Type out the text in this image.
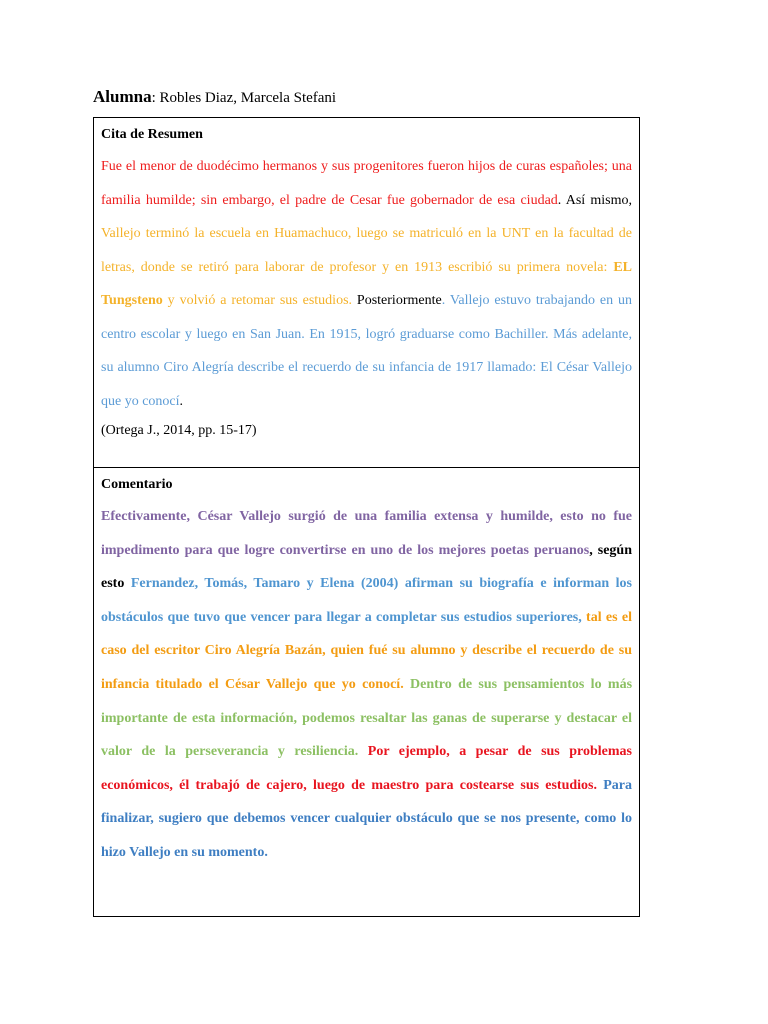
Alumna: Robles Diaz, Marcela Stefani

Cita de Resumen

Fue el menor de duodécimo hermanos y sus progenitores fueron hijos de curas españoles; una familia humilde; sin embargo, el padre de Cesar fue gobernador de esa ciudad. Así mismo, Vallejo terminó la escuela en Huamachuco, luego se matriculó en la UNT en la facultad de letras, donde se retiró para laborar de profesor y en 1913 escribió su primera novela: EL Tungsteno y volvió a retomar sus estudios. Posteriormente. Vallejo estuvo trabajando en un centro escolar y luego en San Juan. En 1915, logró graduarse como Bachiller. Más adelante, su alumno Ciro Alegría describe el recuerdo de su infancia de 1917 llamado: El César Vallejo que yo conocí.

(Ortega J., 2014, pp. 15-17)

Comentario

Efectivamente, César Vallejo surgió de una familia extensa y humilde, esto no fue impedimento para que logre convertirse en uno de los mejores poetas peruanos, según esto Fernandez, Tomás, Tamaro y Elena (2004) afirman su biografía e informan los obstáculos que tuvo que vencer para llegar a completar sus estudios superiores, tal es el caso del escritor Ciro Alegría Bazán, quien fué su alumno y describe el recuerdo de su infancia titulado el César Vallejo que yo conocí. Dentro de sus pensamientos lo más importante de esta información, podemos resaltar las ganas de superarse y destacar el valor de la perseverancia y resiliencia. Por ejemplo, a pesar de sus problemas económicos, él trabajó de cajero, luego de maestro para costearse sus estudios. Para finalizar, sugiero que debemos vencer cualquier obstáculo que se nos presente, como lo hizo Vallejo en su momento.
